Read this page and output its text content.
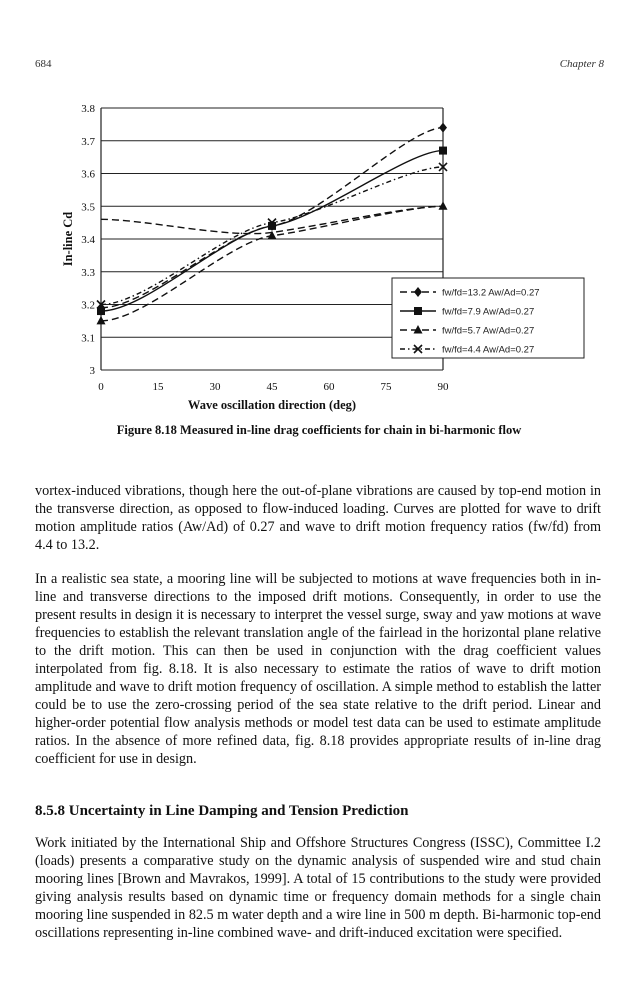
684	Chapter 8
3
3.1
3.2
3.3
3.4
3.5
3.6
3.7
3.8
0	15	30	45	60	75	90
In-line Cd
Wave oscillation direction (deg)
fw/fd=13.2 Aw/Ad=0.27
fw/fd=7.9 Aw/Ad=0.27
fw/fd=5.7 Aw/Ad=0.27
fw/fd=4.4 Aw/Ad=0.27
Figure 8.18 Measured in-line drag coefficients for chain in bi-harmonic flow

vortex-induced vibrations, though here the out-of-plane vibrations are caused by top-end motion in the transverse direction, as opposed to flow-induced loading. Curves are plotted for wave to drift motion amplitude ratios (Aw/Ad) of 0.27 and wave to drift motion frequency ratios (fw/fd) from 4.4 to 13.2.

In a realistic sea state, a mooring line will be subjected to motions at wave frequencies both in in-line and transverse directions to the imposed drift motions. Consequently, in order to use the present results in design it is necessary to interpret the vessel surge, sway and yaw motions at wave frequencies to establish the relevant translation angle of the fairlead in the horizontal plane relative to the drift motion. This can then be used in conjunction with the drag coefficient values interpolated from fig. 8.18. It is also necessary to estimate the ratios of wave to drift motion amplitude and wave to drift motion frequency of oscillation. A simple method to establish the latter could be to use the zero-crossing period of the sea state relative to the drift period. Linear and higher-order potential flow analysis methods or model test data can be used to estimate amplitude ratios. In the absence of more refined data, fig. 8.18 provides appropriate results of in-line drag coefficient for use in design.

8.5.8 Uncertainty in Line Damping and Tension Prediction

Work initiated by the International Ship and Offshore Structures Congress (ISSC), Committee I.2 (loads) presents a comparative study on the dynamic analysis of suspended wire and stud chain mooring lines [Brown and Mavrakos, 1999]. A total of 15 contributions to the study were provided giving analysis results based on dynamic time or frequency domain methods for a single chain mooring line suspended in 82.5 m water depth and a wire line in 500 m depth. Bi-harmonic top-end oscillations representing in-line combined wave- and drift-induced excitation were specified.
